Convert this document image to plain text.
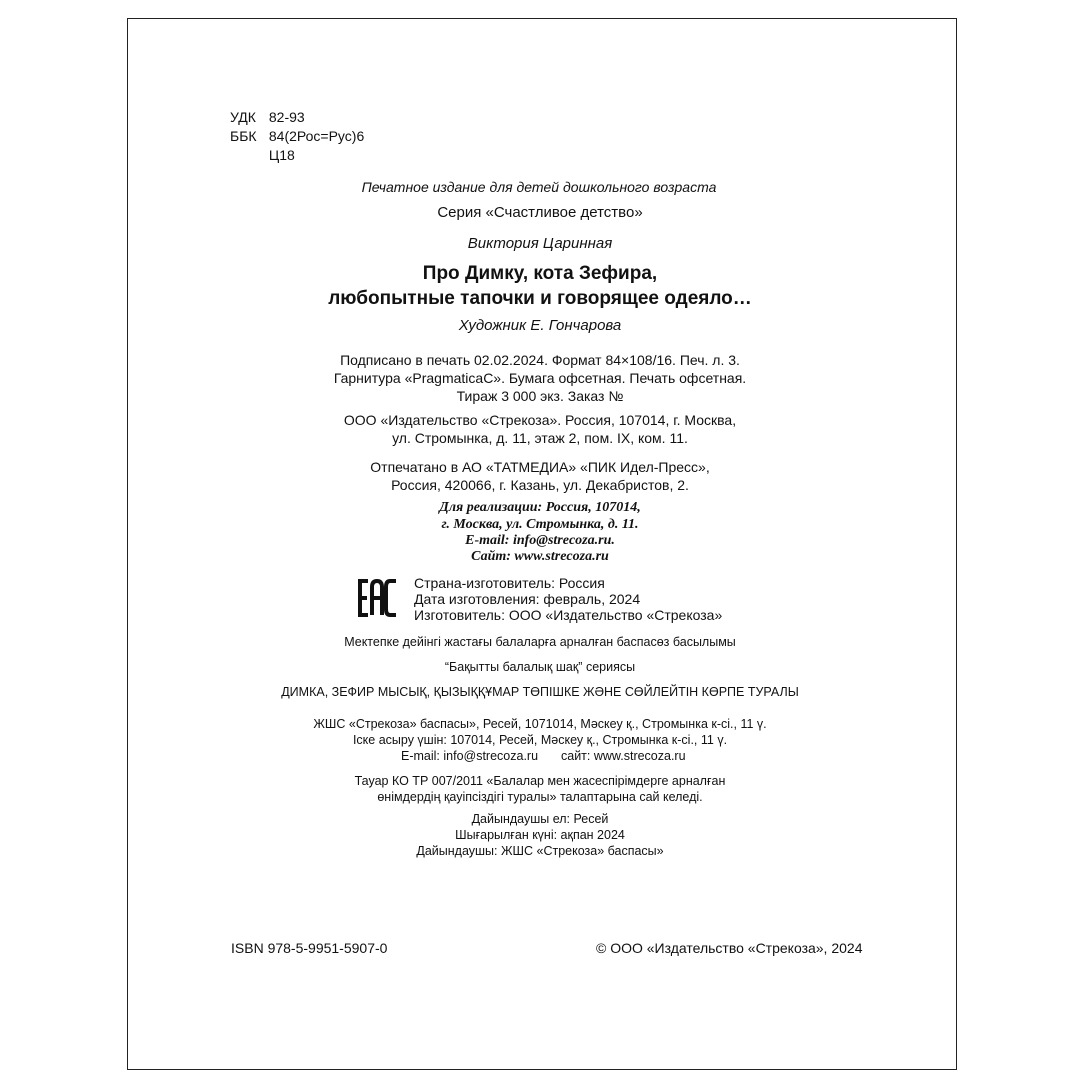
УДК 82-93
ББК 84(2Рос=Рус)6
Ц18
Печатное издание для детей дошкольного возраста
Серия «Счастливое детство»
Виктория Царинная
Про Димку, кота Зефира,
любопытные тапочки и говорящее одеяло…
Художник Е. Гончарова
Подписано в печать 02.02.2024. Формат 84×108/16. Печ. л. 3.
Гарнитура «PragmaticaC». Бумага офсетная. Печать офсетная.
Тираж 3 000 экз. Заказ №
ООО «Издательство «Стрекоза». Россия, 107014, г. Москва,
ул. Стромынка, д. 11, этаж 2, пом. IX, ком. 11.
Отпечатано в АО «ТАТМЕДИА» «ПИК Идел-Пресс»,
Россия, 420066, г. Казань, ул. Декабристов, 2.
Для реализации: Россия, 107014,
г. Москва, ул. Стромынка, д. 11.
E-mail: info@strecoza.ru.
Сайт: www.strecoza.ru
Страна-изготовитель: Россия
Дата изготовления: февраль, 2024
Изготовитель: ООО «Издательство «Стрекоза»
Мектепке дейінгі жастағы балаларға арналған баспасөз басылымы
“Бақытты балалық шақ” сериясы
ДИМКА, ЗЕФИР МЫСЫҚ, ҚЫЗЫҚҚҰМАР ТӨПІШКЕ ЖӘНЕ СӨЙЛЕЙТІН КӨРПЕ ТУРАЛЫ
ЖШС «Стрекоза» баспасы», Ресей, 1071014, Мәскеу қ., Стромынка к-сі., 11 ү.
Іске асыру үшін: 107014, Ресей, Мәскеу қ., Стромынка к-сі., 11 ү.
E-mail: info@strecoza.ru сайт: www.strecoza.ru
Тауар КО ТР 007/2011 «Балалар мен жасеспірімдерге арналған
өнімдердің қауіпсіздігі туралы» талаптарына сай келеді.
Дайындаушы ел: Ресей
Шығарылған күні: ақпан 2024
Дайындаушы: ЖШС «Стрекоза» баспасы»
ISBN 978-5-9951-5907-0	© ООО «Издательство «Стрекоза», 2024
